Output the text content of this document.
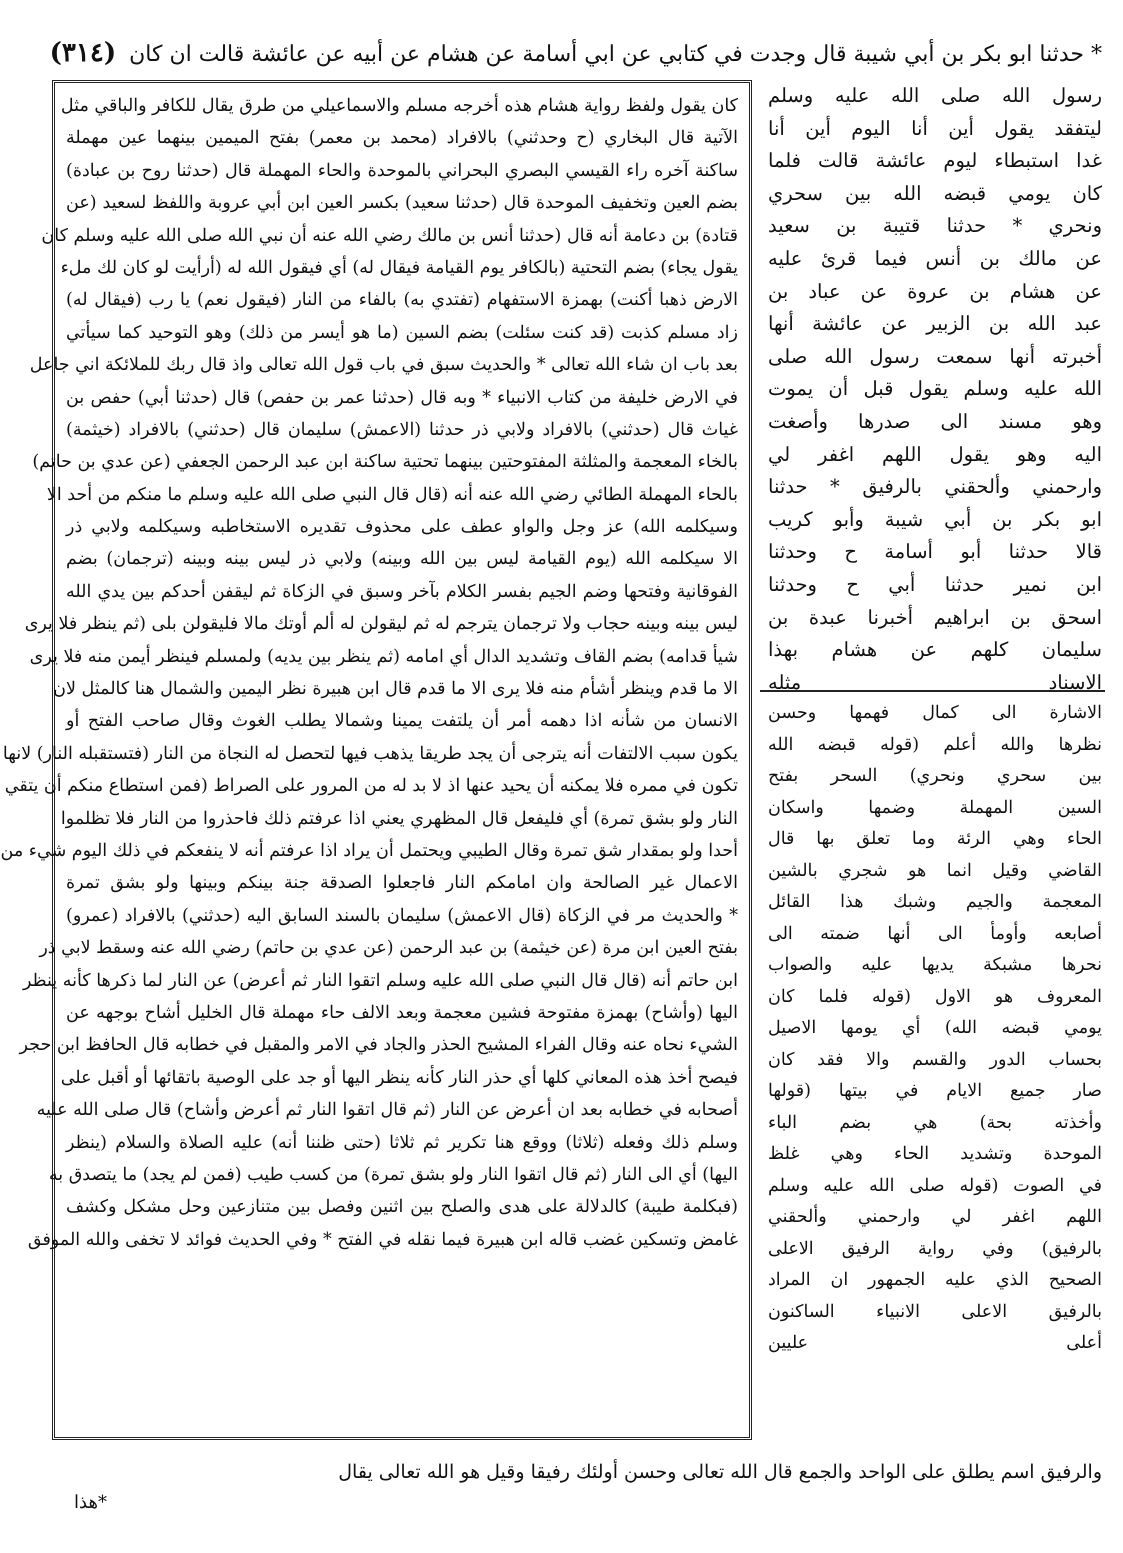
* حدثنا ابو بكر بن أبي شيبة قال وجدت في كتابي عن ابي أسامة عن هشام عن أبيه عن عائشة قالت ان كان (٣١٤)
كان يقول ولفظ رواية هشام هذه أخرجه مسلم والاسماعيلي من طرق يقال للكافر والباقي مثل
الآتية قال البخاري (ح وحدثني) بالافراد (محمد بن معمر) بفتح الميمين بينهما عين مهملة
ساكنة آخره راء القيسي البصري البحراني بالموحدة والحاء المهملة قال (حدثنا روح بن عبادة)
بضم العين وتخفيف الموحدة قال (حدثنا سعيد) بكسر العين ابن أبي عروبة واللفظ لسعيد (عن
قتادة) بن دعامة أنه قال (حدثنا أنس بن مالك رضي الله عنه أن نبي الله صلى الله عليه وسلم كان
يقول يجاء) بضم التحتية (بالكافر يوم القيامة فيقال له) أي فيقول الله له (أرأيت لو كان لك ملء
الارض ذهبا أكنت) بهمزة الاستفهام (تفتدي به) بالفاء من النار (فيقول نعم) يا رب (فيقال له)
زاد مسلم كذبت (قد كنت سئلت) بضم السين (ما هو أيسر من ذلك) وهو التوحيد كما سيأتي
بعد باب ان شاء الله تعالى * والحديث سبق في باب قول الله تعالى واذ قال ربك للملائكة اني جاعل
في الارض خليفة من كتاب الانبياء * وبه قال (حدثنا عمر بن حفص) قال (حدثنا أبي) حفص بن
غياث قال (حدثني) بالافراد ولابي ذر حدثنا (الاعمش) سليمان قال (حدثني) بالافراد (خيثمة)
بالخاء المعجمة والمثلثة المفتوحتين بينهما تحتية ساكنة ابن عبد الرحمن الجعفي (عن عدي بن حاتم)
بالحاء المهملة الطائي رضي الله عنه أنه (قال قال النبي صلى الله عليه وسلم ما منكم من أحد الا
وسيكلمه الله) عز وجل والواو عطف على محذوف تقديره الاستخاطبه وسيكلمه ولابي ذر
الا سيكلمه الله (يوم القيامة ليس بين الله وبينه) ولابي ذر ليس بينه وبينه (ترجمان) بضم
الفوقانية وفتحها وضم الجيم بفسر الكلام بآخر وسبق في الزكاة ثم ليقفن أحدكم بين يدي الله
ليس بينه وبينه حجاب ولا ترجمان يترجم له ثم ليقولن له ألم أوتك مالا فليقولن بلى (ثم ينظر فلا يرى
شيأ قدامه) بضم القاف وتشديد الدال أي امامه (ثم ينظر بين يديه) ولمسلم فينظر أيمن منه فلا يرى
الا ما قدم وينظر أشأم منه فلا يرى الا ما قدم قال ابن هبيرة نظر اليمين والشمال هنا كالمثل لان
الانسان من شأنه اذا دهمه أمر أن يلتفت يمينا وشمالا يطلب الغوث وقال صاحب الفتح أو
يكون سبب الالتفات أنه يترجى أن يجد طريقا يذهب فيها لتحصل له النجاة من النار (فتستقبله النار) لانها
تكون في ممره فلا يمكنه أن يحيد عنها اذ لا بد له من المرور على الصراط (فمن استطاع منكم أن يتقي
النار ولو بشق تمرة) أي فليفعل قال المظهري يعني اذا عرفتم ذلك فاحذروا من النار فلا تظلموا
أحدا ولو بمقدار شق تمرة وقال الطيبي ويحتمل أن يراد اذا عرفتم أنه لا ينفعكم في ذلك اليوم شيء من
الاعمال غير الصالحة وان امامكم النار فاجعلوا الصدقة جنة بينكم وبينها ولو بشق تمرة
* والحديث مر في الزكاة (قال الاعمش) سليمان بالسند السابق اليه (حدثني) بالافراد (عمرو)
بفتح العين ابن مرة (عن خيثمة) بن عبد الرحمن (عن عدي بن حاتم) رضي الله عنه وسقط لابي ذر
ابن حاتم أنه (قال قال النبي صلى الله عليه وسلم اتقوا النار ثم أعرض) عن النار لما ذكرها كأنه ينظر
اليها (وأشاح) بهمزة مفتوحة فشين معجمة وبعد الالف حاء مهملة قال الخليل أشاح بوجهه عن
الشيء نحاه عنه وقال الفراء المشيح الحذر والجاد في الامر والمقبل في خطابه قال الحافظ ابن حجر
فيصح أخذ هذه المعاني كلها أي حذر النار كأنه ينظر اليها أو جد على الوصية باتقائها أو أقبل على
أصحابه في خطابه بعد ان أعرض عن النار (ثم قال اتقوا النار ثم أعرض وأشاح) قال صلى الله عليه
وسلم ذلك وفعله (ثلاثا) ووقع هنا تكرير ثم ثلاثا (حتى ظننا أنه) عليه الصلاة والسلام (ينظر
اليها) أي الى النار (ثم قال اتقوا النار ولو بشق تمرة) من كسب طيب (فمن لم يجد) ما يتصدق به
(فبكلمة طيبة) كالدلالة على هدى والصلح بين اثنين وفصل بين متنازعين وحل مشكل وكشف
غامض وتسكين غضب قاله ابن هبيرة فيما نقله في الفتح * وفي الحديث فوائد لا تخفى والله الموفق
رسول الله صلى الله عليه وسلم
ليتفقد يقول أين أنا اليوم أين أنا
غدا استبطاء ليوم عائشة قالت فلما
كان يومي قبضه الله بين سحري
ونحري * حدثنا قتيبة بن سعيد
عن مالك بن أنس فيما قرئ عليه
عن هشام بن عروة عن عباد بن
عبد الله بن الزبير عن عائشة أنها
أخبرته أنها سمعت رسول الله صلى
الله عليه وسلم يقول قبل أن يموت
وهو مسند الى صدرها وأصغت
اليه وهو يقول اللهم اغفر لي
وارحمني وألحقني بالرفيق * حدثنا
ابو بكر بن أبي شيبة وأبو كريب
قالا حدثنا أبو أسامة ح وحدثنا
ابن نمير حدثنا أبي ح وحدثنا
اسحق بن ابراهيم أخبرنا عبدة بن
سليمان كلهم عن هشام بهذا
الاسناد مثله
الاشارة الى كمال فهمها وحسن
نظرها والله أعلم (قوله قبضه الله
بين سحري ونحري) السحر بفتح
السين المهملة وضمها واسكان
الحاء وهي الرئة وما تعلق بها قال
القاضي وقيل انما هو شجري بالشين
المعجمة والجيم وشبك هذا القائل
أصابعه وأومأ الى أنها ضمته الى
نحرها مشبكة يديها عليه والصواب
المعروف هو الاول (قوله فلما كان
يومي قبضه الله) أي يومها الاصيل
بحساب الدور والقسم والا فقد كان
صار جميع الايام في بيتها (قولها
وأخذته بحة) هي بضم الباء
الموحدة وتشديد الحاء وهي غلظ
في الصوت (قوله صلى الله عليه وسلم
اللهم اغفر لي وارحمني وألحقني
بالرفيق) وفي رواية الرفيق الاعلى
الصحيح الذي عليه الجمهور ان المراد
بالرفيق الاعلى الانبياء الساكنون
أعلى عليين
والرفيق اسم يطلق على الواحد والجمع قال الله تعالى وحسن أولئك رفيقا وقيل هو الله تعالى يقال
*هذا
